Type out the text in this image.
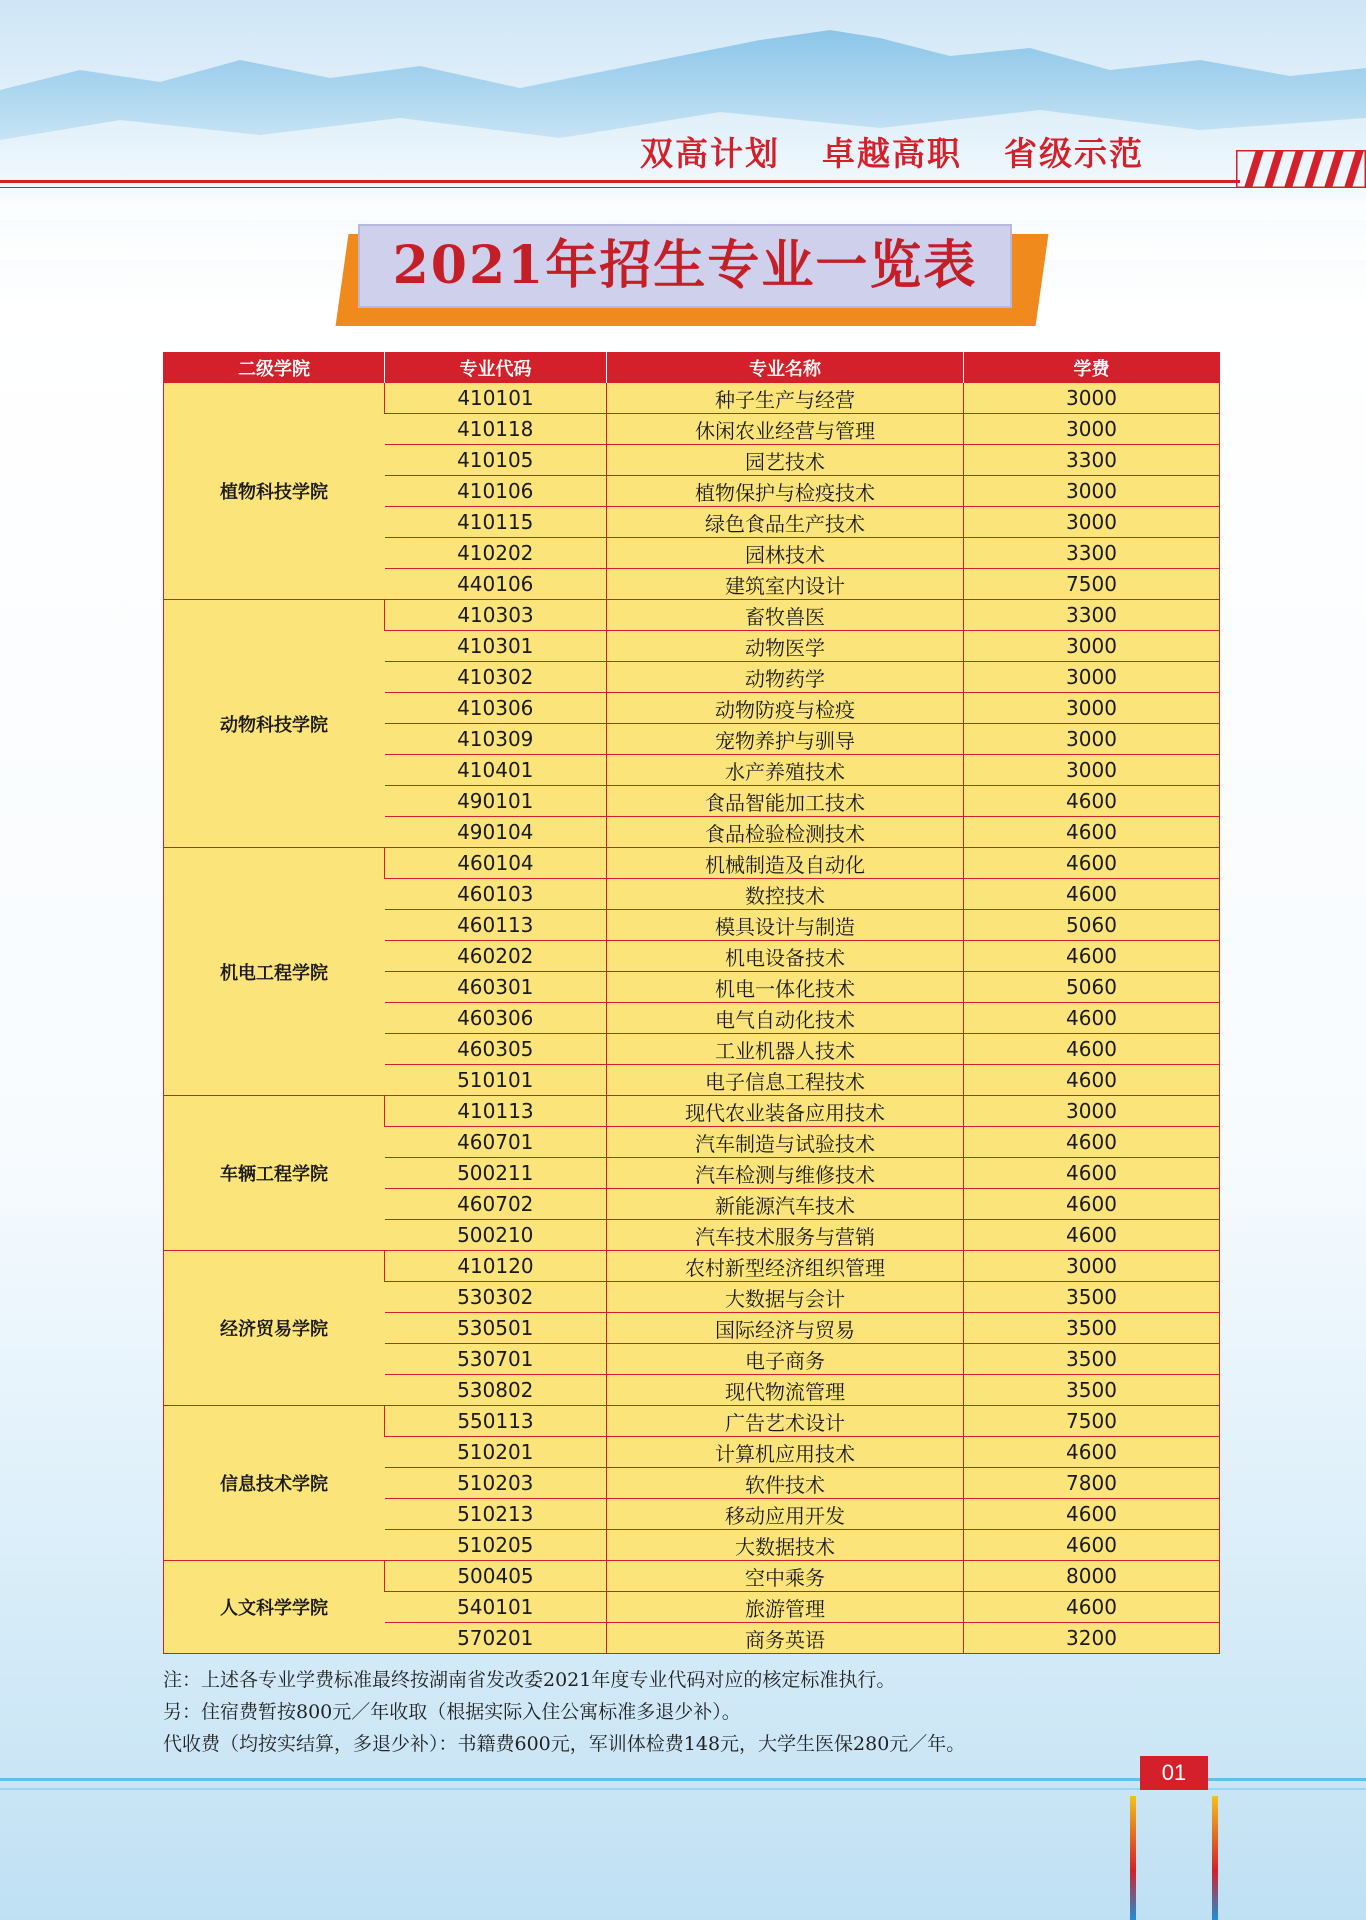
双高计划 卓越高职 省级示范
2021年招生专业一览表
二级学院	专业代码	专业名称	学费
植物科技学院	410101	种子生产与经营	3000
	410118	休闲农业经营与管理	3000
	410105	园艺技术	3300
	410106	植物保护与检疫技术	3000
	410115	绿色食品生产技术	3000
	410202	园林技术	3300
	440106	建筑室内设计	7500
动物科技学院	410303	畜牧兽医	3300
	410301	动物医学	3000
	410302	动物药学	3000
	410306	动物防疫与检疫	3000
	410309	宠物养护与驯导	3000
	410401	水产养殖技术	3000
	490101	食品智能加工技术	4600
	490104	食品检验检测技术	4600
机电工程学院	460104	机械制造及自动化	4600
	460103	数控技术	4600
	460113	模具设计与制造	5060
	460202	机电设备技术	4600
	460301	机电一体化技术	5060
	460306	电气自动化技术	4600
	460305	工业机器人技术	4600
	510101	电子信息工程技术	4600
车辆工程学院	410113	现代农业装备应用技术	3000
	460701	汽车制造与试验技术	4600
	500211	汽车检测与维修技术	4600
	460702	新能源汽车技术	4600
	500210	汽车技术服务与营销	4600
经济贸易学院	410120	农村新型经济组织管理	3000
	530302	大数据与会计	3500
	530501	国际经济与贸易	3500
	530701	电子商务	3500
	530802	现代物流管理	3500
信息技术学院	550113	广告艺术设计	7500
	510201	计算机应用技术	4600
	510203	软件技术	7800
	510213	移动应用开发	4600
	510205	大数据技术	4600
人文科学学院	500405	空中乘务	8000
	540101	旅游管理	4600
	570201	商务英语	3200
注：上述各专业学费标准最终按湖南省发改委2021年度专业代码对应的核定标准执行。
另：住宿费暂按800元／年收取（根据实际入住公寓标准多退少补）。
代收费（均按实结算，多退少补）：书籍费600元，军训体检费148元，大学生医保280元／年。
01
